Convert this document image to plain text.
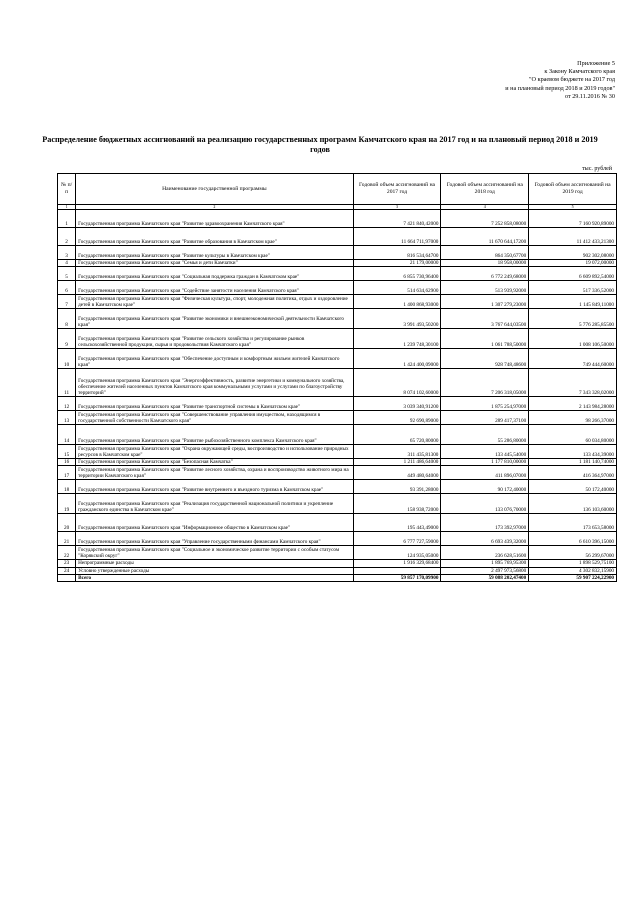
Приложение 5
к Закону Камчатского края
"О краевом бюджете на 2017 год
и на плановый период 2018 и 2019 годов"
от 29.11.2016 № 30
Распределение бюджетных ассигнований на реализацию государственных программ Камчатского края на 2017 год и на плановый период 2018 и 2019 годов
тыс. рублей
№ п/п	Наименование государственной программы	Годовой объем ассигнований на 2017 год	Годовой объем ассигнований на 2018 год	Годовой объем ассигнований на 2019 год
1	2	3	4	5
1	Государственная программа Камчатского края "Развитие здравоохранения Камчатского края"	7 421 840,42000	7 252 858,08000	7 160 920,89000
2	Государственная программа Камчатского края "Развитие образования в Камчатском крае"	11 664 711,97000	11 670 644,17200	11 412 433,21300
3	Государственная программа Камчатского края "Развитие культуры в Камчатском крае"	816 534,64700	864 350,67700	902 302,08000
4	Государственная программа Камчатского края "Семья и дети Камчатки"	21 179,00000	18 958,00000	19 072,00000
5	Государственная программа Камчатского края "Социальная поддержка граждан в Камчатском крае"	6 855 730,96400	6 772 249,68000	6 609 892,54000
6	Государственная программа Камчатского края "Содействие занятости населения Камчатского края"	514 634,62900	513 939,92000	517 336,52000
7	Государственная программа Камчатского края "Физическая культура, спорт, молодежная политика, отдых и оздоровление детей в Камчатском крае"	1 400 868,93000	1 307 279,23000	1 145 849,11000
8	Государственная программа Камчатского края "Развитие экономики и внешнеэкономической деятельности Камчатского края"	3 991 493,50200	3 767 644,03500	5 776 285,85500
9	Государственная программа Камчатского края "Развитие сельского хозяйства и регулирование рынков сельскохозяйственной продукции, сырья и продовольствия Камчатского края"	1 239 748,30100	1 061 788,50000	1 008 106,50000
10	Государственная программа Камчатского края "Обеспечение доступным и комфортным жильем жителей Камчатского края"	1 424 400,09000	928 748,48600	749 444,60000
11	Государственная программа Камчатского края "Энергоэффективность, развитие энергетики и коммунального хозяйства, обеспечение жителей населенных пунктов Камчатского края коммунальными услугами и услугами по благоустройству территорий"	8 074 102,60000	7 206 318,05000	7 343 328,02000
12	Государственная программа Камчатского края "Развитие транспортной системы в Камчатском крае"	3 039 340,91200	1 875 254,97000	2 143 984,28000
13	Государственная программа Камчатского края "Совершенствование управления имуществом, находящимся в государственной собственности Камчатского края"	92 690,89000	289 417,37100	98 266,37000
14	Государственная программа Камчатского края "Развитие рыбохозяйственного комплекса Камчатского края"	65 720,80000	55 286,80000	60 034,80000
15	Государственная программа Камчатского края "Охрана окружающей среды, воспроизводство и использование природных ресурсов в Камчатском крае"	311 435,81300	133 445,54000	133 434,39000
16	Государственная программа Камчатского края "Безопасная Камчатка"	1 211 486,64000	1 177 810,00000	1 181 140,74000
17	Государственная программа Камчатского края "Развитие лесного хозяйства, охрана и воспроизводство животного мира на территории Камчатского края"	449 480,64000	411 896,07000	416 364,97000
18	Государственная программа Камчатского края "Развитие внутреннего и въездного туризма в Камчатском крае"	93 391,28000	90 172,40000	50 172,40000
19	Государственная программа Камчатского края "Реализация государственной национальной политики и укрепление гражданского единства в Камчатском крае"	158 938,72000	133 076,70000	136 103,60000
20	Государственная программа Камчатского края "Информационное общество в Камчатском крае"	195 443,49000	173 392,97000	173 653,58000
21	Государственная программа Камчатского края "Управление государственными финансами Камчатского края"	6 777 727,59000	6 693 439,32000	6 610 396,15000
22	Государственная программа Камчатского края "Социальное и экономическое развитие территории с особым статусом "Корякский округ"	124 935,05000	236 628,51600	56 299,67000
23	Непрограммные расходы	1 916 329,68400	1 895 769,95300	1 898 529,75100
24	Условно утвержденные расходы		2 497 973,56800	4 302 832,15900
	Всего	59 857 170,09900	59 088 202,47400	59 907 224,22900
